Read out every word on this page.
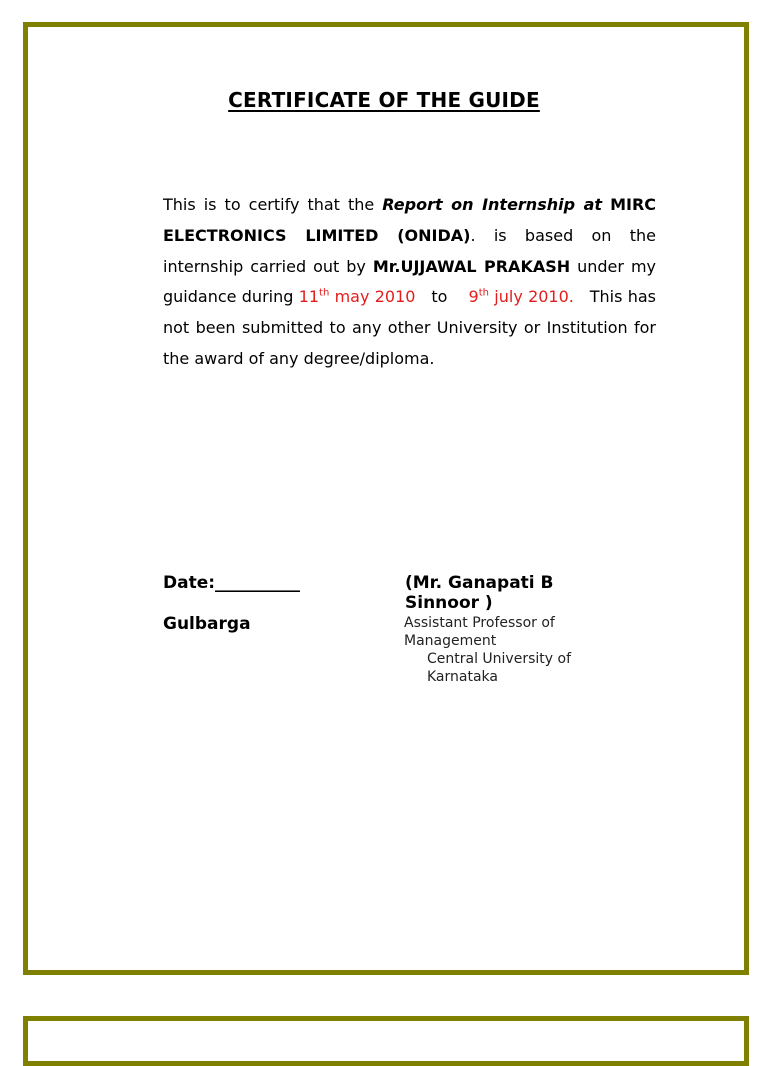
CERTIFICATE OF THE GUIDE
This is to certify that the Report on Internship at MIRC ELECTRONICS LIMITED (ONIDA). is based on the internship carried out by Mr.UJJAWAL PRAKASH under my guidance during 11th may 2010 to 9th july 2010. This has not been submitted to any other University or Institution for the award of any degree/diploma.
Date:__________
Gulbarga
(Mr. Ganapati B Sinnoor )
Assistant Professor of Management
Central University of Karnataka
